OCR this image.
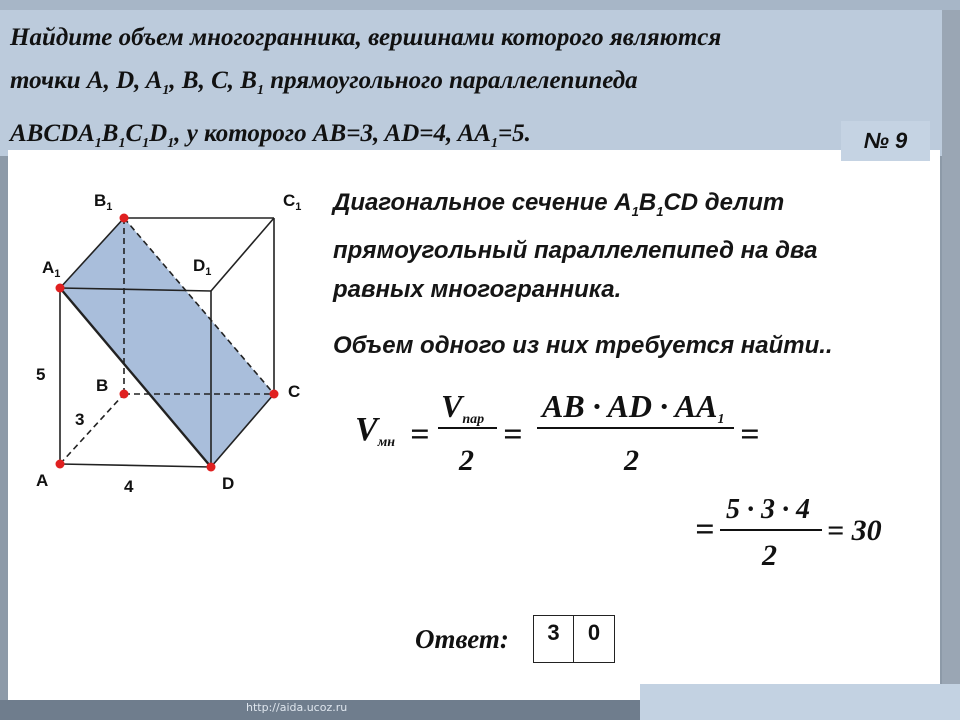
Найдите объем многогранника, вершинами которого являются
точки A, D, $A_1$, B, C, $B_1$ прямоугольного параллелепипеда
$ABCDA_1B_1C_1D_1$, у которого AB=3, AD=4, $AA_1=5$.	№ 9
$B_1$	$C_1$
$A_1$	$D_1$
B	C
A	D
5
3
4
Диагональное сечение $A_1B_1CD$ делит
прямоугольный параллелепипед на два
равных многогранника.
Объем одного из них требуется найти..
Vмн =
Vпар
2
=
AB · AD · AA1
2
=
=
5 · 3 · 4
2
= 30
Ответ:	3	0
http://aida.ucoz.ru
